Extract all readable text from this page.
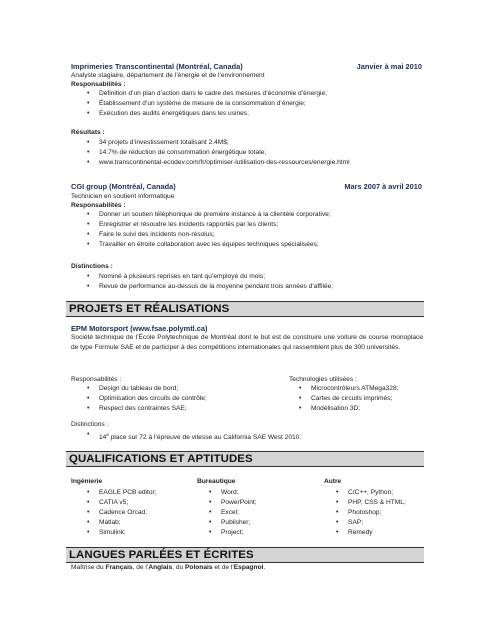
Imprimeries Transcontinental (Montréal, Canada)	Janvier à mai 2010
Analyste stagiaire, département de l’énergie et de l’environnement
Responsabilités :
• Définition d’un plan d’action dans le cadre des mesures d’économie d’énergie;
• Établissement d’un système de mesure de la consommation d’énergie;
• Exécution des audits énergétiques dans les usines;
Résultats :
• 34 projets d’investissement totalisant 2.4M$;
• 14.7% de réduction de consommation énergétique totale;
• www.transcontinental-ecodev.com/fr/optimiser-lutilisation-des-ressources/energie.html
CGI group (Montréal, Canada)	Mars 2007 à avril 2010
Technicien en soutient informatique
Responsabilités :
• Donner un soutien téléphonique de première instance à la clientèle corporative;
• Enregistrer et résoudre les incidents rapportés par les clients;
• Faire le suivi des incidents non-résolus;
• Travailler en étroite collaboration avec les équipes techniques spécialisées;
Distinctions :
• Nominé à plusieurs reprises en tant qu’employé du mois;
• Revue de performance au-dessus de la moyenne pendant trois années d’affilée;
PROJETS ET RÉALISATIONS
EPM Motorsport (www.fsae.polymtl.ca)
Société technique de l’École Polytechnique de Montréal dont le but est de construire une voiture de course monoplace de type Formule SAE et de participer à des compétitions internationales qui rassemblent plus de 300 universités.
Responsabilités :
• Design du tableau de bord;
• Optimisation des circuits de contrôle;
• Respect des contraintes SAE;
Technologies utilisées :
• Microcontrôleurs ATMega328;
• Cartes de circuits imprimés;
• Modélisation 3D;
Distinctions :
• 14e place sur 72 à l’épreuve de vitesse au California SAE West 2010.
QUALIFICATIONS ET APTITUDES
Ingénierie
• EAGLE PCB editor;
• CATIA v5;
• Cadence Orcad;
• Matlab;
• Simulink;
Bureautique
• Word;
• PowerPoint;
• Excel;
• Publisher;
• Project;
Autre
• C/C++, Python;
• PHP, CSS & HTML;
• Photoshop;
• SAP;
• Remedy
LANGUES PARLÉES ET ÉCRITES
Maîtrise du Français, de l’Anglais, du Polonais et de l’Espagnol.
